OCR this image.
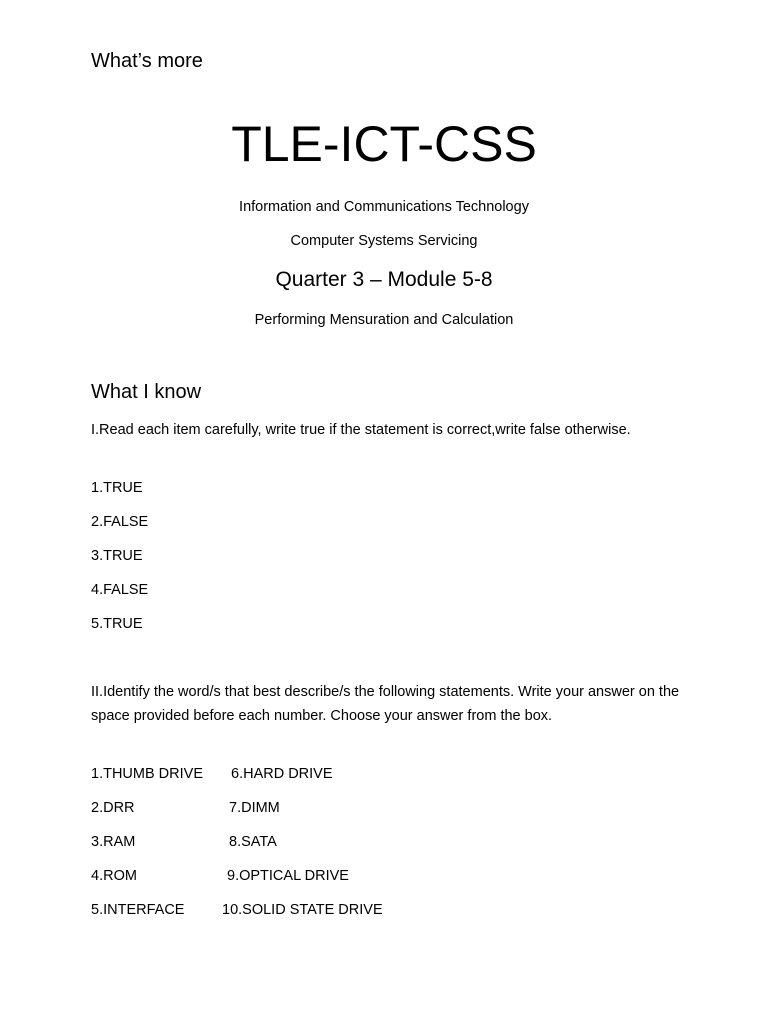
What’s more
TLE-ICT-CSS
Information and Communications Technology
Computer Systems Servicing
Quarter 3 – Module 5-8
Performing Mensuration and Calculation
What I know
I.Read each item carefully, write true if the statement is correct,write false otherwise.
1.TRUE
2.FALSE
3.TRUE
4.FALSE
5.TRUE
II.Identify the word/s that best describe/s the following statements. Write your answer on the space provided before each number. Choose your answer from the box.
1.THUMB DRIVE 6.HARD DRIVE
2.DRR	7.DIMM
3.RAM	8.SATA
4.ROM	9.OPTICAL DRIVE
5.INTERFACE	10.SOLID STATE DRIVE
